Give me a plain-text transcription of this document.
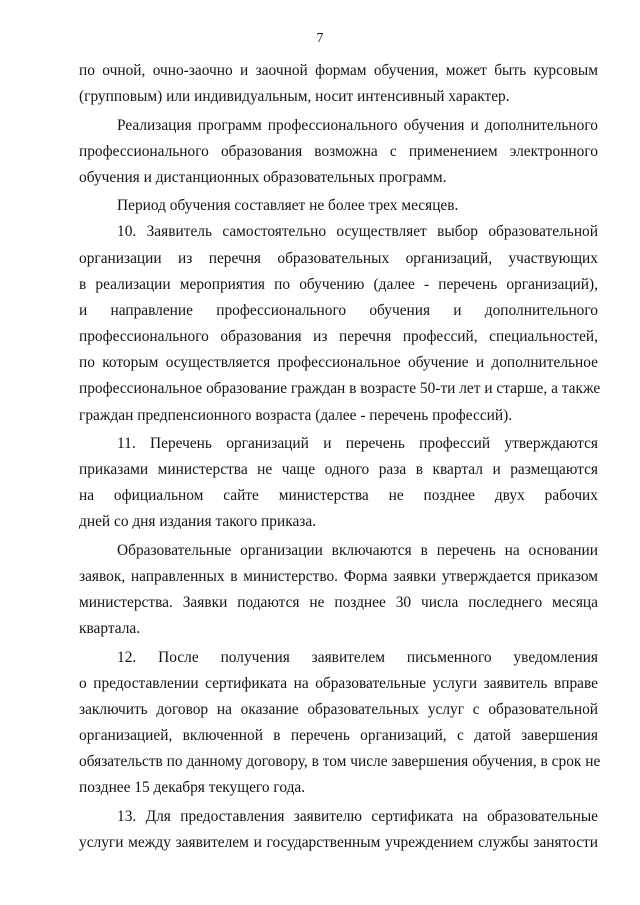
7
по очной, очно-заочно и заочной формам обучения, может быть курсовым
(групповым) или индивидуальным, носит интенсивный характер.
Реализация программ профессионального обучения и дополнительного
профессионального образования возможна с применением электронного
обучения и дистанционных образовательных программ.
Период обучения составляет не более трех месяцев.
10. Заявитель самостоятельно осуществляет выбор образовательной
организации из перечня образовательных организаций, участвующих
в реализации мероприятия по обучению (далее - перечень организаций),
и направление профессионального обучения и дополнительного
профессионального образования из перечня профессий, специальностей,
по которым осуществляется профессиональное обучение и дополнительное
профессиональное образование граждан в возрасте 50-ти лет и старше, а также
граждан предпенсионного возраста (далее - перечень профессий).
11. Перечень организаций и перечень профессий утверждаются
приказами министерства не чаще одного раза в квартал и размещаются
на официальном сайте министерства не позднее двух рабочих
дней со дня издания такого приказа.
Образовательные организации включаются в перечень на основании
заявок, направленных в министерство. Форма заявки утверждается приказом
министерства. Заявки подаются не позднее 30 числа последнего месяца
квартала.
12. После получения заявителем письменного уведомления
о предоставлении сертификата на образовательные услуги заявитель вправе
заключить договор на оказание образовательных услуг с образовательной
организацией, включенной в перечень организаций, с датой завершения
обязательств по данному договору, в том числе завершения обучения, в срок не
позднее 15 декабря текущего года.
13. Для предоставления заявителю сертификата на образовательные
услуги между заявителем и государственным учреждением службы занятости
